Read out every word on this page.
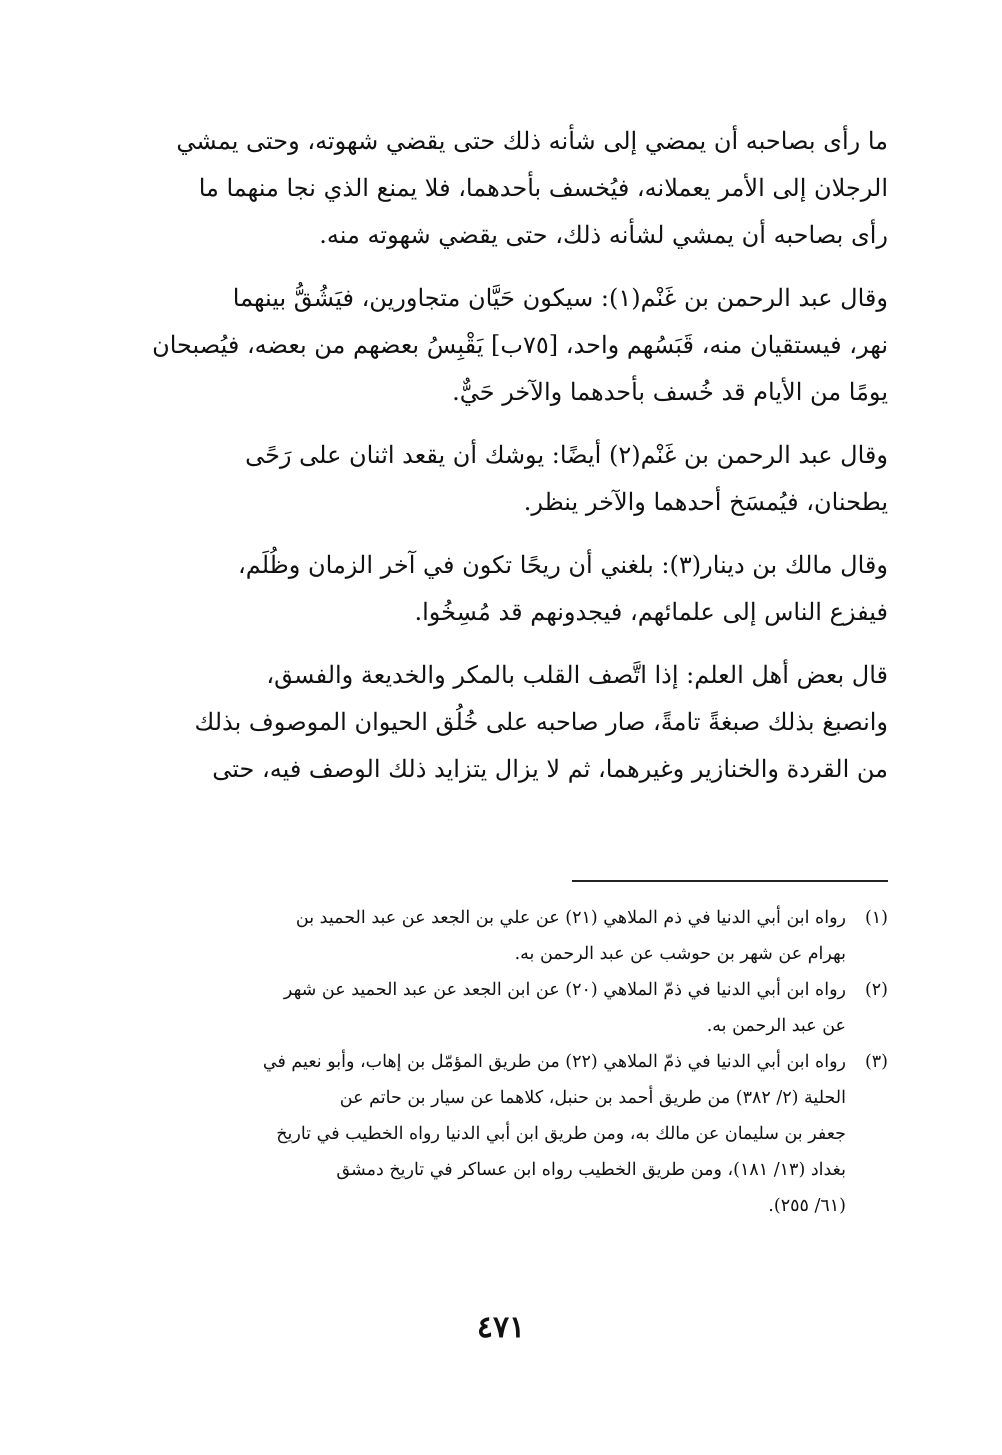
ما رأى بصاحبه أن يمضي إلى شأنه ذلك حتى يقضي شهوته، وحتى يمشي
الرجلان إلى الأمر يعملانه، فيُخسف بأحدهما، فلا يمنع الذي نجا منهما ما
رأى بصاحبه أن يمشي لشأنه ذلك، حتى يقضي شهوته منه.

وقال عبد الرحمن بن غَنْم(١): سيكون حَيَّان متجاورين، فيَشُقُّ بينهما
نهر، فيستقيان منه، قَبَسُهم واحد، [٧٥ب] يَقْبِسُ بعضهم من بعضه، فيُصبحان
يومًا من الأيام قد خُسف بأحدهما والآخر حَيٌّ.

وقال عبد الرحمن بن غَنْم(٢) أيضًا: يوشك أن يقعد اثنان على رَحًى
يطحنان، فيُمسَخ أحدهما والآخر ينظر.

وقال مالك بن دينار(٣): بلغني أن ريحًا تكون في آخر الزمان وظُلَم،
فيفزع الناس إلى علمائهم، فيجدونهم قد مُسِخُوا.

قال بعض أهل العلم: إذا اتَّصف القلب بالمكر والخديعة والفسق،
وانصبغ بذلك صبغةً تامةً، صار صاحبه على خُلُق الحيوان الموصوف بذلك
من القردة والخنازير وغيرهما، ثم لا يزال يتزايد ذلك الوصف فيه، حتى

(١)
رواه ابن أبي الدنيا في ذم الملاهي (٢١) عن علي بن الجعد عن عبد الحميد بن
بهرام عن شهر بن حوشب عن عبد الرحمن به.
(٢)
رواه ابن أبي الدنيا في ذمّ الملاهي (٢٠) عن ابن الجعد عن عبد الحميد عن شهر
عن عبد الرحمن به.
(٣)
رواه ابن أبي الدنيا في ذمّ الملاهي (٢٢) من طريق المؤمّل بن إهاب، وأبو نعيم في
الحلية (٢/ ٣٨٢) من طريق أحمد بن حنبل، كلاهما عن سيار بن حاتم عن
جعفر بن سليمان عن مالك به، ومن طريق ابن أبي الدنيا رواه الخطيب في تاريخ
بغداد (١٣/ ١٨١)، ومن طريق الخطيب رواه ابن عساكر في تاريخ دمشق
(٦١/ ٢٥٥).
٤٧١
